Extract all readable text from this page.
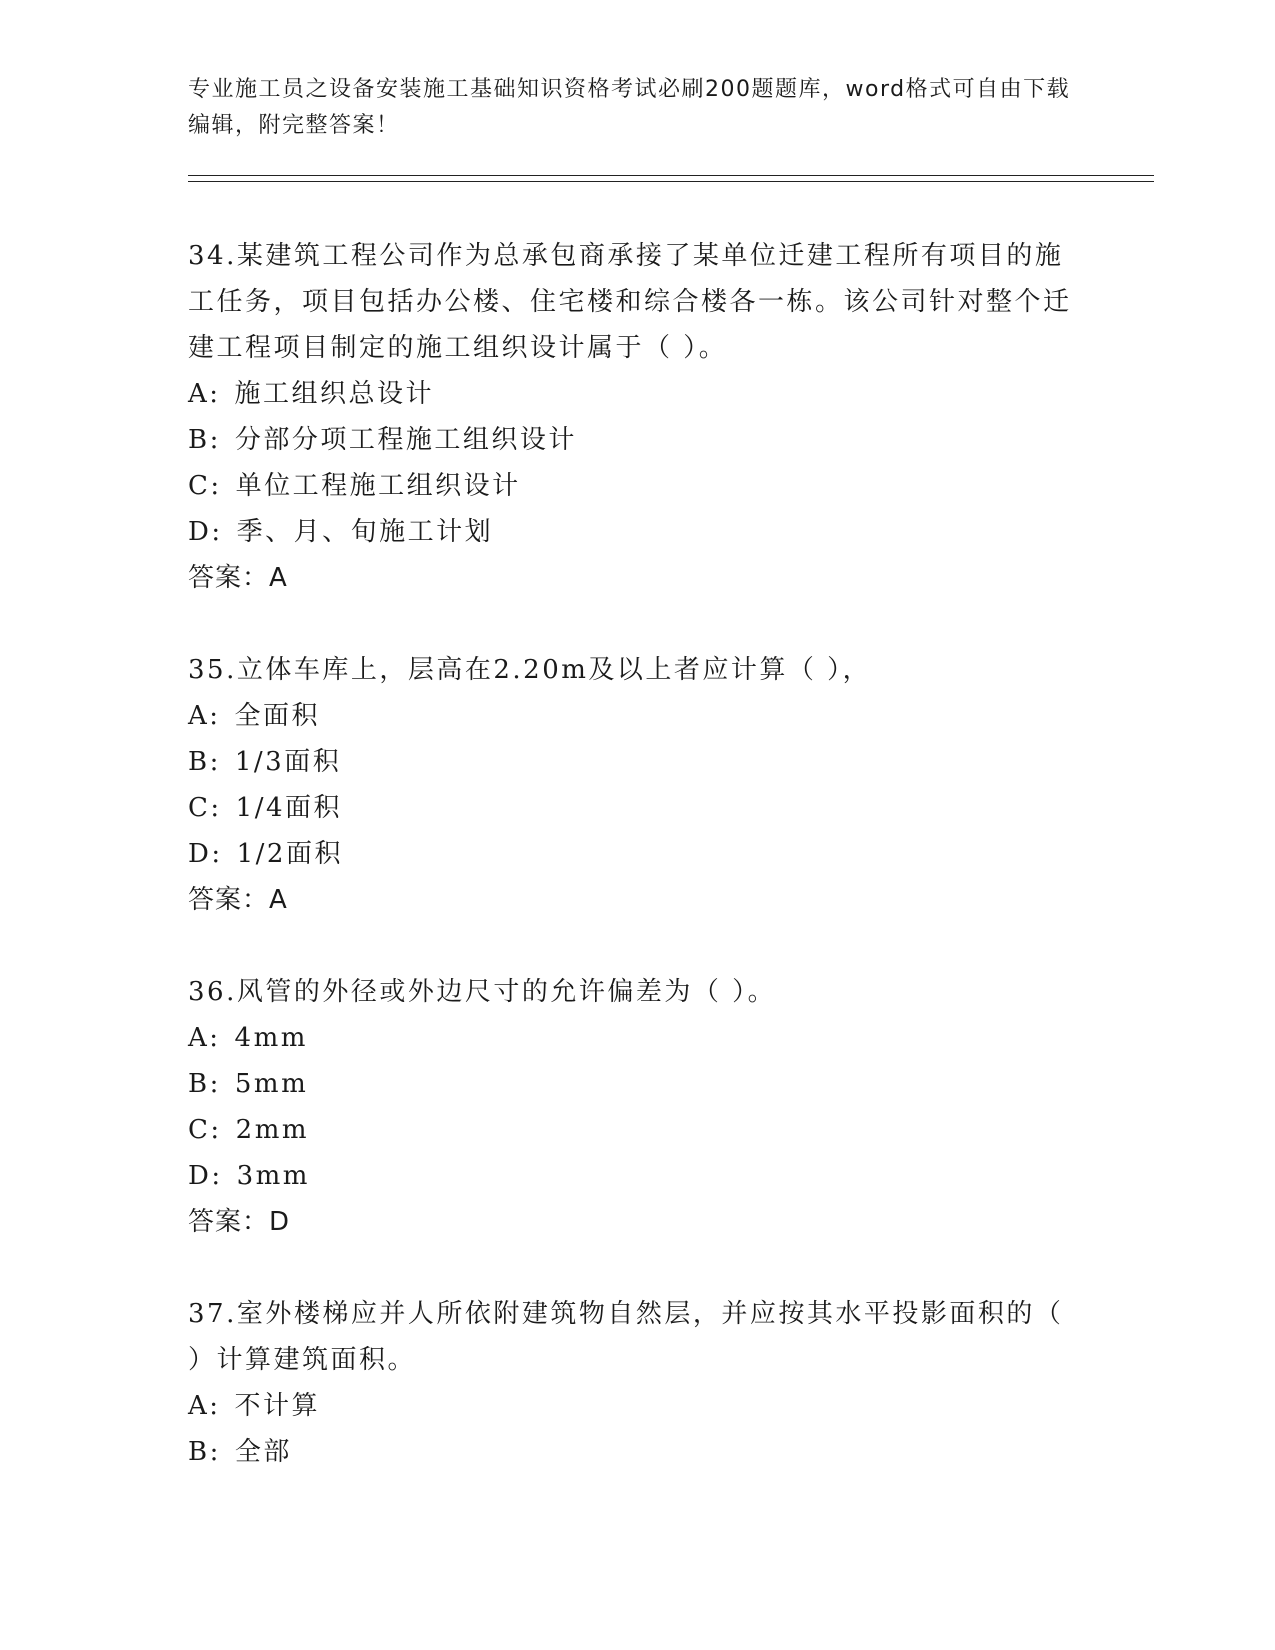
专业施工员之设备安装施工基础知识资格考试必刷200题题库，word格式可自由下载编辑，附完整答案！
34.某建筑工程公司作为总承包商承接了某单位迁建工程所有项目的施工任务，项目包括办公楼、住宅楼和综合楼各一栋。该公司针对整个迁建工程项目制定的施工组织设计属于（ ）。
A: 施工组织总设计
B: 分部分项工程施工组织设计
C: 单位工程施工组织设计
D: 季、月、旬施工计划
答案：A
35.立体车库上，层高在2.20m及以上者应计算（ ），
A: 全面积
B: 1/3面积
C: 1/4面积
D: 1/2面积
答案：A
36.风管的外径或外边尺寸的允许偏差为（ ）。
A: 4mm
B: 5mm
C: 2mm
D: 3mm
答案：D
37.室外楼梯应并人所依附建筑物自然层，并应按其水平投影面积的（ ）计算建筑面积。
A: 不计算
B: 全部
